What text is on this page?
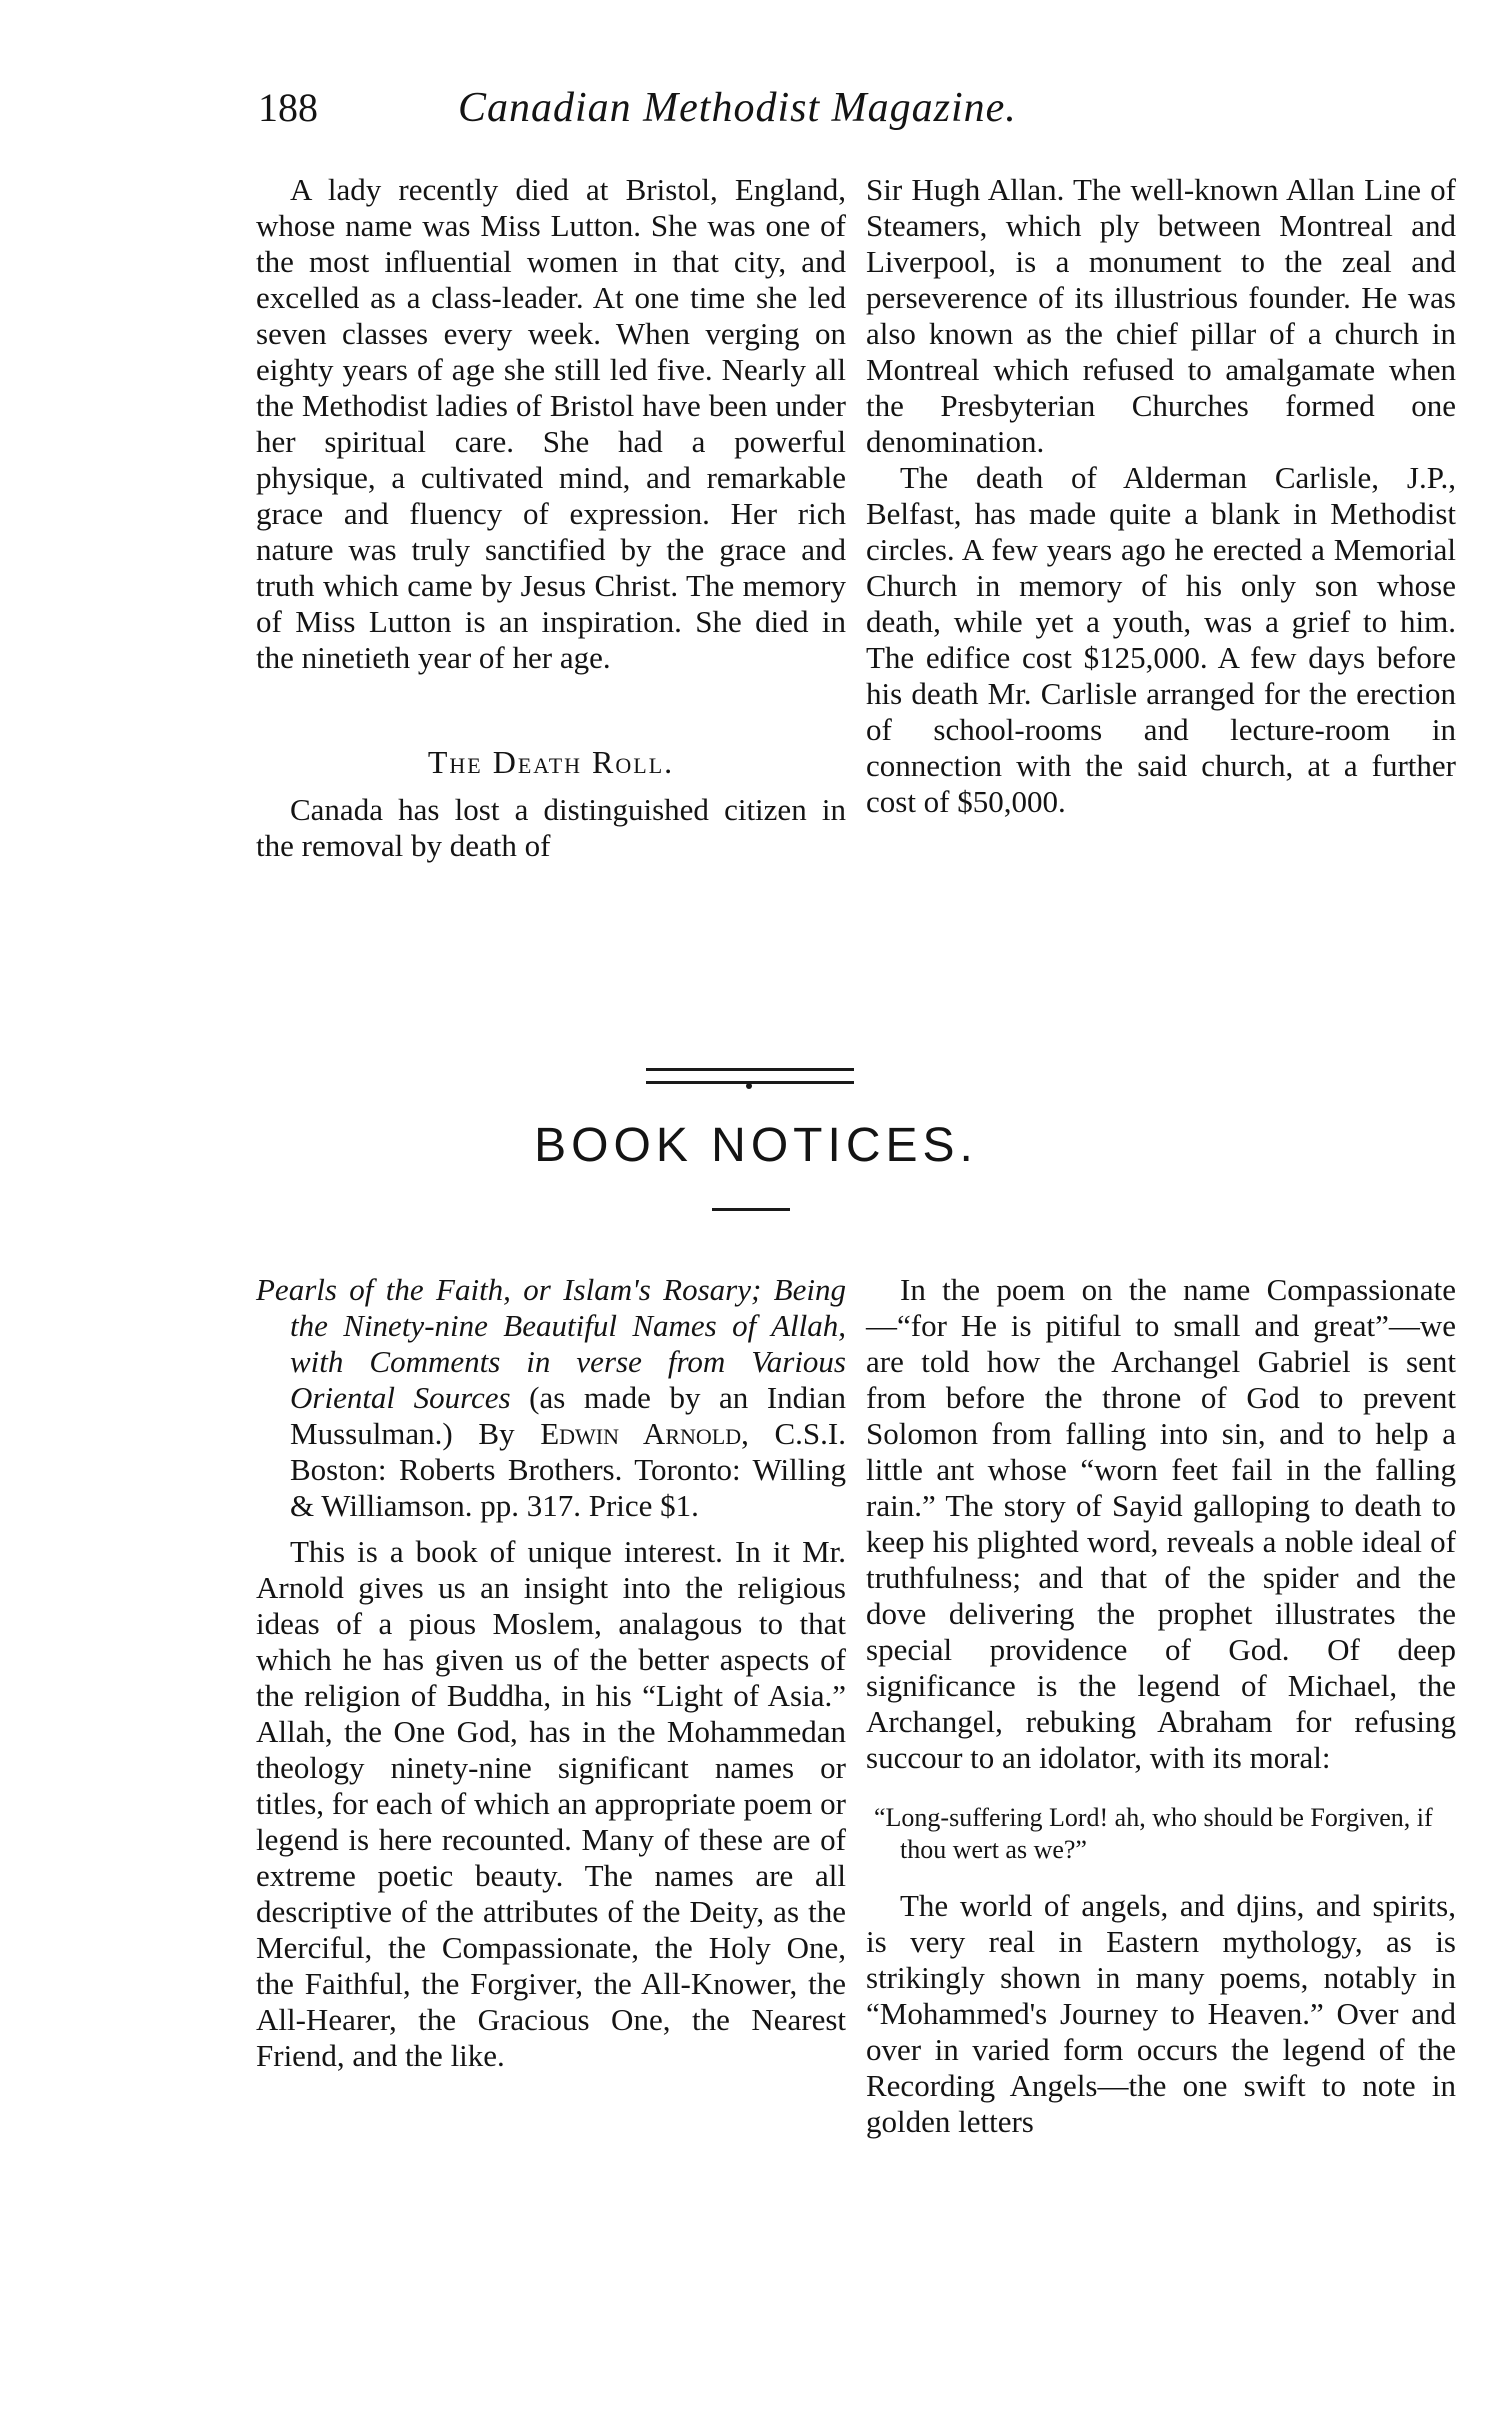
188	Canadian Methodist Magazine.

A lady recently died at Bristol, England, whose name was Miss Lutton. She was one of the most influential women in that city, and excelled as a class-leader. At one time she led seven classes every week. When verging on eighty years of age she still led five. Nearly all the Methodist ladies of Bristol have been under her spiritual care. She had a powerful physique, a cultivated mind, and remarkable grace and fluency of expression. Her rich nature was truly sanctified by the grace and truth which came by Jesus Christ. The memory of Miss Lutton is an inspiration. She died in the ninetieth year of her age.

The Death Roll.

Canada has lost a distinguished citizen in the removal by death of

Sir Hugh Allan. The well-known Allan Line of Steamers, which ply between Montreal and Liverpool, is a monument to the zeal and perseverence of its illustrious founder. He was also known as the chief pillar of a church in Montreal which refused to amalgamate when the Presbyterian Churches formed one denomination.

The death of Alderman Carlisle, J.P., Belfast, has made quite a blank in Methodist circles. A few years ago he erected a Memorial Church in memory of his only son whose death, while yet a youth, was a grief to him. The edifice cost $125,000. A few days before his death Mr. Carlisle arranged for the erection of school-rooms and lecture-room in connection with the said church, at a further cost of $50,000.

BOOK NOTICES.
Pearls of the Faith, or Islam's Rosary; Being the Ninety-nine Beautiful Names of Allah, with Comments in verse from Various Oriental Sources (as made by an Indian Mussulman.) By Edwin Arnold, C.S.I. Boston: Roberts Brothers. Toronto: Willing & Williamson. pp. 317. Price $1.

This is a book of unique interest. In it Mr. Arnold gives us an insight into the religious ideas of a pious Moslem, analagous to that which he has given us of the better aspects of the religion of Buddha, in his “Light of Asia.” Allah, the One God, has in the Mohammedan theology ninety-nine significant names or titles, for each of which an appropriate poem or legend is here recounted. Many of these are of extreme poetic beauty. The names are all descriptive of the attributes of the Deity, as the Merciful, the Compassionate, the Holy One, the Faithful, the Forgiver, the All-Knower, the All-Hearer, the Gracious One, the Nearest Friend, and the like.

In the poem on the name Compassionate—“for He is pitiful to small and great”—we are told how the Archangel Gabriel is sent from before the throne of God to prevent Solomon from falling into sin, and to help a little ant whose “worn feet fail in the falling rain.” The story of Sayid galloping to death to keep his plighted word, reveals a noble ideal of truthfulness; and that of the spider and the dove delivering the prophet illustrates the special providence of God. Of deep significance is the legend of Michael, the Archangel, rebuking Abraham for refusing succour to an idolator, with its moral:

“Long-suffering Lord! ah, who should be Forgiven, if thou wert as we?”

The world of angels, and djins, and spirits, is very real in Eastern mythology, as is strikingly shown in many poems, notably in “Mohammed's Journey to Heaven.” Over and over in varied form occurs the legend of the Recording Angels—the one swift to note in golden letters
